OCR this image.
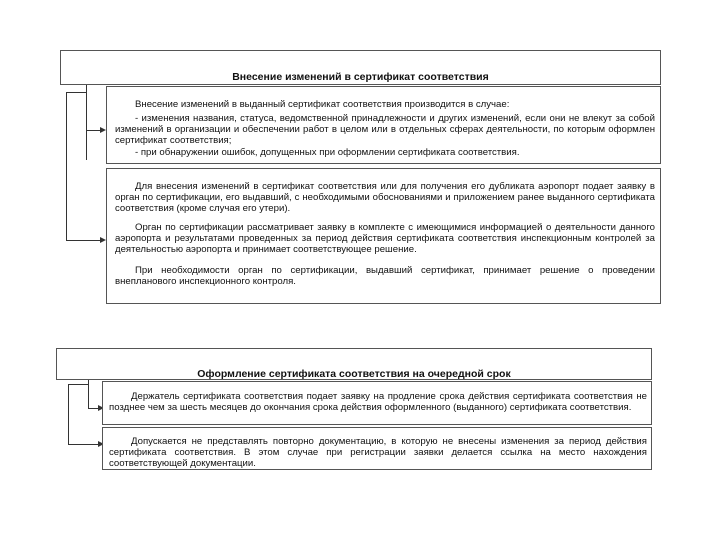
Внесение изменений в сертификат соответствия

Внесение изменений в выданный сертификат соответствия производится в случае:

- изменения названия, статуса, ведомственной принадлежности и других изменений, если они не влекут за собой изменений в организации и обеспечении работ в целом или в отдельных сферах деятельности, по которым оформлен сертификат соответствия;

- при обнаружении ошибок, допущенных при оформлении сертификата соответствия.

Для внесения изменений в сертификат соответствия или для получения его дубликата аэропорт подает заявку в орган по сертификации, его выдавший, с необходимыми обоснованиями и приложением ранее выданного сертификата соответствия (кроме случая его утери).

Орган по сертификации рассматривает заявку в комплекте с имеющимися информацией о деятельности данного аэропорта и результатами проведенных за период действия сертификата соответствия инспекционным контролей за деятельностью аэропорта и принимает соответствующее решение.

При необходимости орган по сертификации, выдавший сертификат, принимает решение о проведении внепланового инспекционного контроля.

Оформление сертификата соответствия на очередной срок

Держатель сертификата соответствия подает заявку на продление срока действия сертификата соответствия не позднее чем за шесть месяцев до окончания срока действия оформленного (выданного) сертификата соответствия.

Допускается не представлять повторно документацию, в которую не внесены изменения за период действия сертификата соответствия. В этом случае при регистрации заявки делается ссылка на место нахождения соответствующей документации.
